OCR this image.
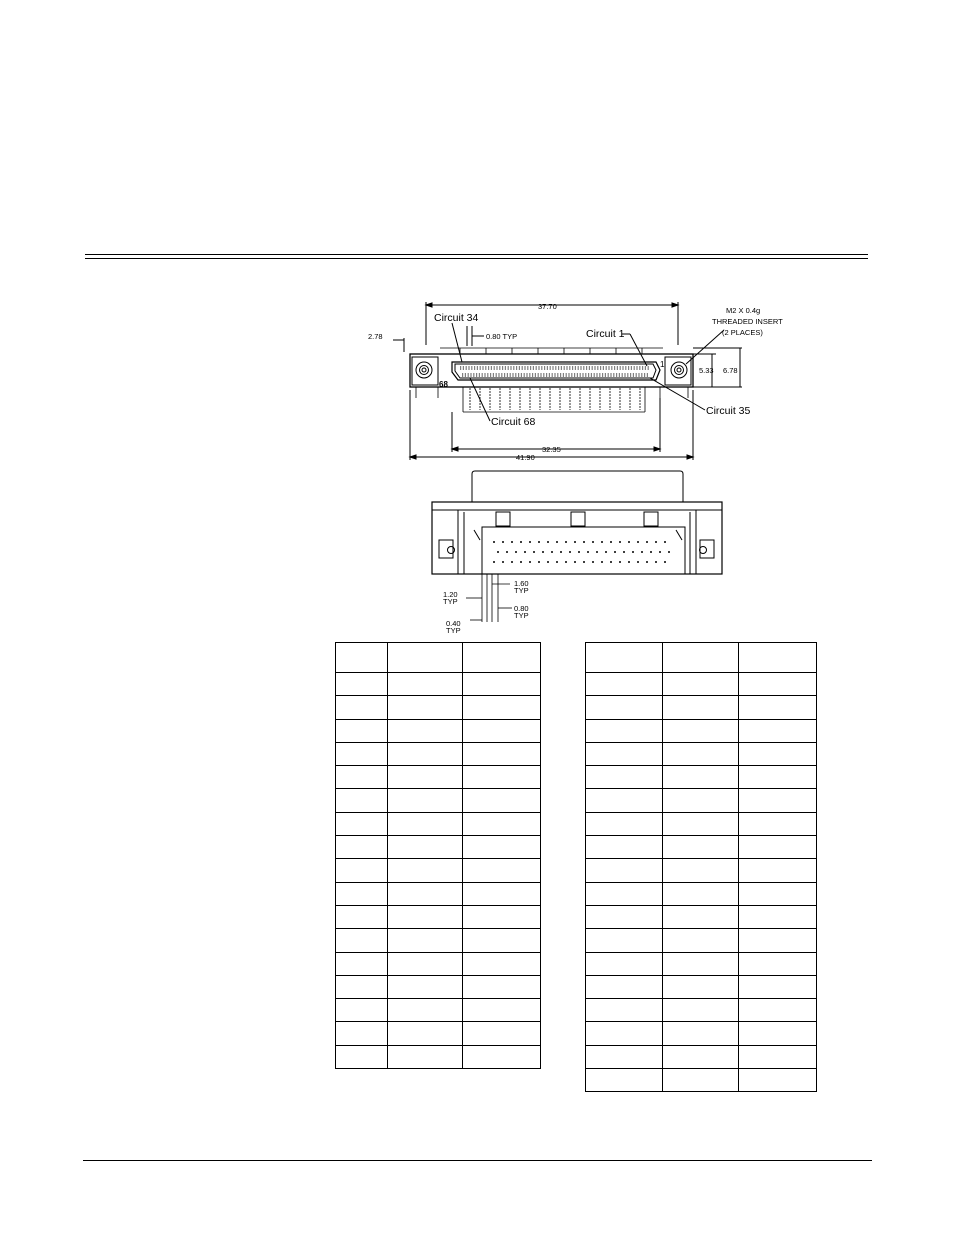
37.70
2.78	0.80 TYP
5.33 6.78
32.35
41.90
Circuit 34
Circuit 1
1
68
Circuit 68
Circuit 35
M2 X 0.4g
THREADED INSERT
(2 PLACES)
1.60
TYP
1.20
TYP
0.80
TYP
0.40
TYP
